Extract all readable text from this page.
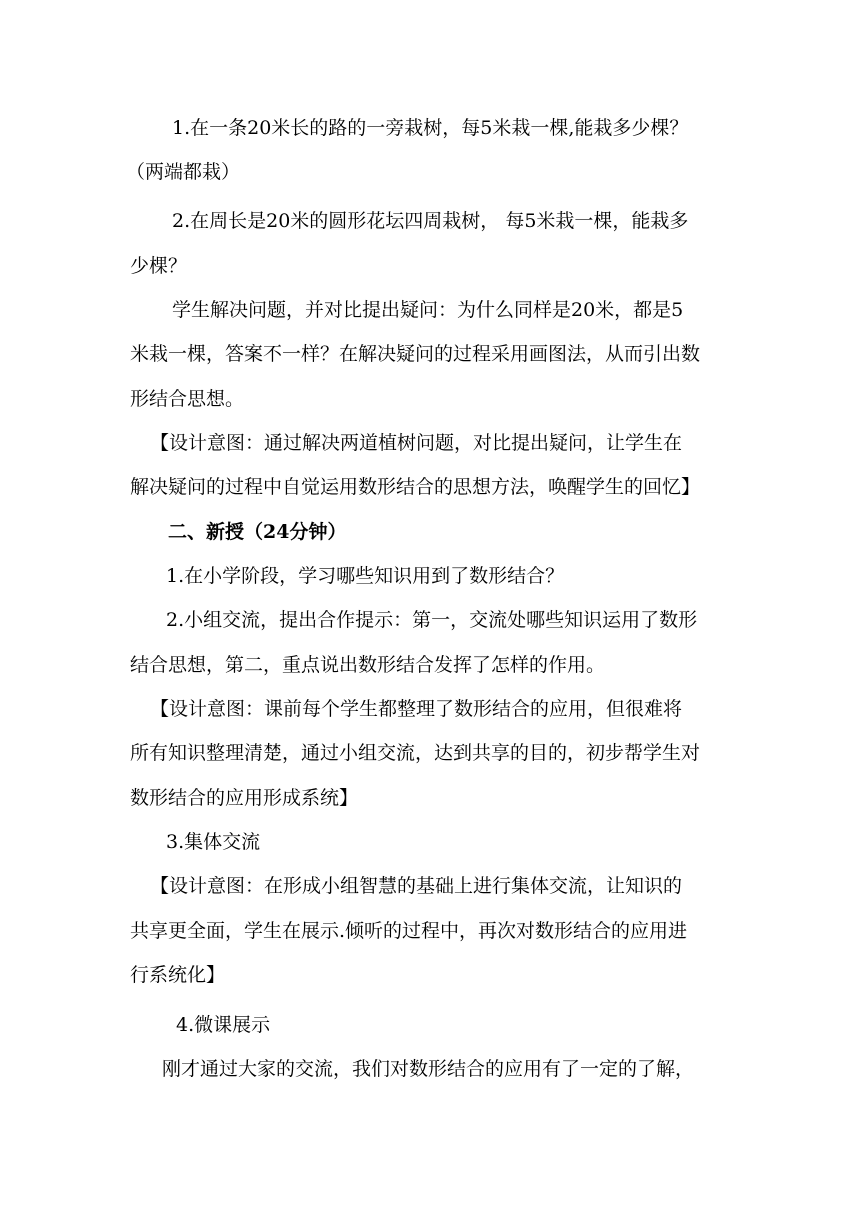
1.在一条20米长的路的一旁栽树，每5米栽一棵,能栽多少棵？
（两端都栽）
2.在周长是20米的圆形花坛四周栽树， 每5米栽一棵，能栽多
少棵？
学生解决问题，并对比提出疑问：为什么同样是20米，都是5
米栽一棵，答案不一样？在解决疑问的过程采用画图法，从而引出数
形结合思想。
【设计意图：通过解决两道植树问题，对比提出疑问，让学生在
解决疑问的过程中自觉运用数形结合的思想方法，唤醒学生的回忆】
二、新授（24分钟）
1.在小学阶段，学习哪些知识用到了数形结合？
2.小组交流，提出合作提示：第一，交流处哪些知识运用了数形
结合思想，第二，重点说出数形结合发挥了怎样的作用。
【设计意图：课前每个学生都整理了数形结合的应用，但很难将
所有知识整理清楚，通过小组交流，达到共享的目的，初步帮学生对
数形结合的应用形成系统】
3.集体交流
【设计意图：在形成小组智慧的基础上进行集体交流，让知识的
共享更全面，学生在展示.倾听的过程中，再次对数形结合的应用进
行系统化】
4.微课展示
刚才通过大家的交流，我们对数形结合的应用有了一定的了解，
